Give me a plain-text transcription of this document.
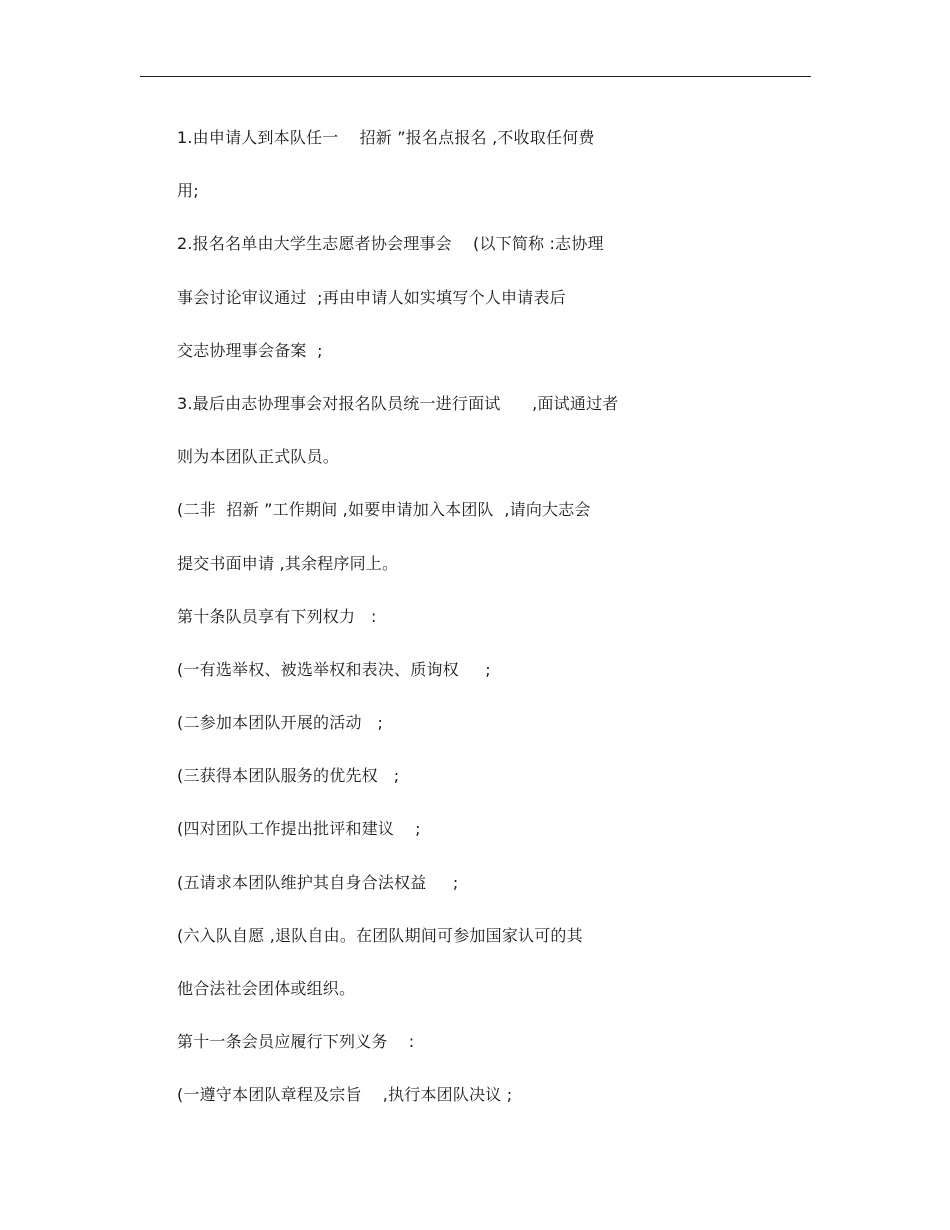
1.由申请人到本队任一    招新 ”报名点报名 ,不收取任何费
用;
2.报名名单由大学生志愿者协会理事会    (以下简称 :志协理
事会讨论审议通过  ;再由申请人如实填写个人申请表后
交志协理事会备案  ;
3.最后由志协理事会对报名队员统一进行面试      ,面试通过者
则为本团队正式队员。
(二非  招新 ”工作期间 ,如要申请加入本团队  ,请向大志会
提交书面申请 ,其余程序同上。
第十条队员享有下列权力   :
(一有选举权、被选举权和表决、质询权     ;
(二参加本团队开展的活动   ;
(三获得本团队服务的优先权   ;
(四对团队工作提出批评和建议    ;
(五请求本团队维护其自身合法权益     ;
(六入队自愿 ,退队自由。在团队期间可参加国家认可的其
他合法社会团体或组织。
第十一条会员应履行下列义务    :
(一遵守本团队章程及宗旨    ,执行本团队决议 ;
